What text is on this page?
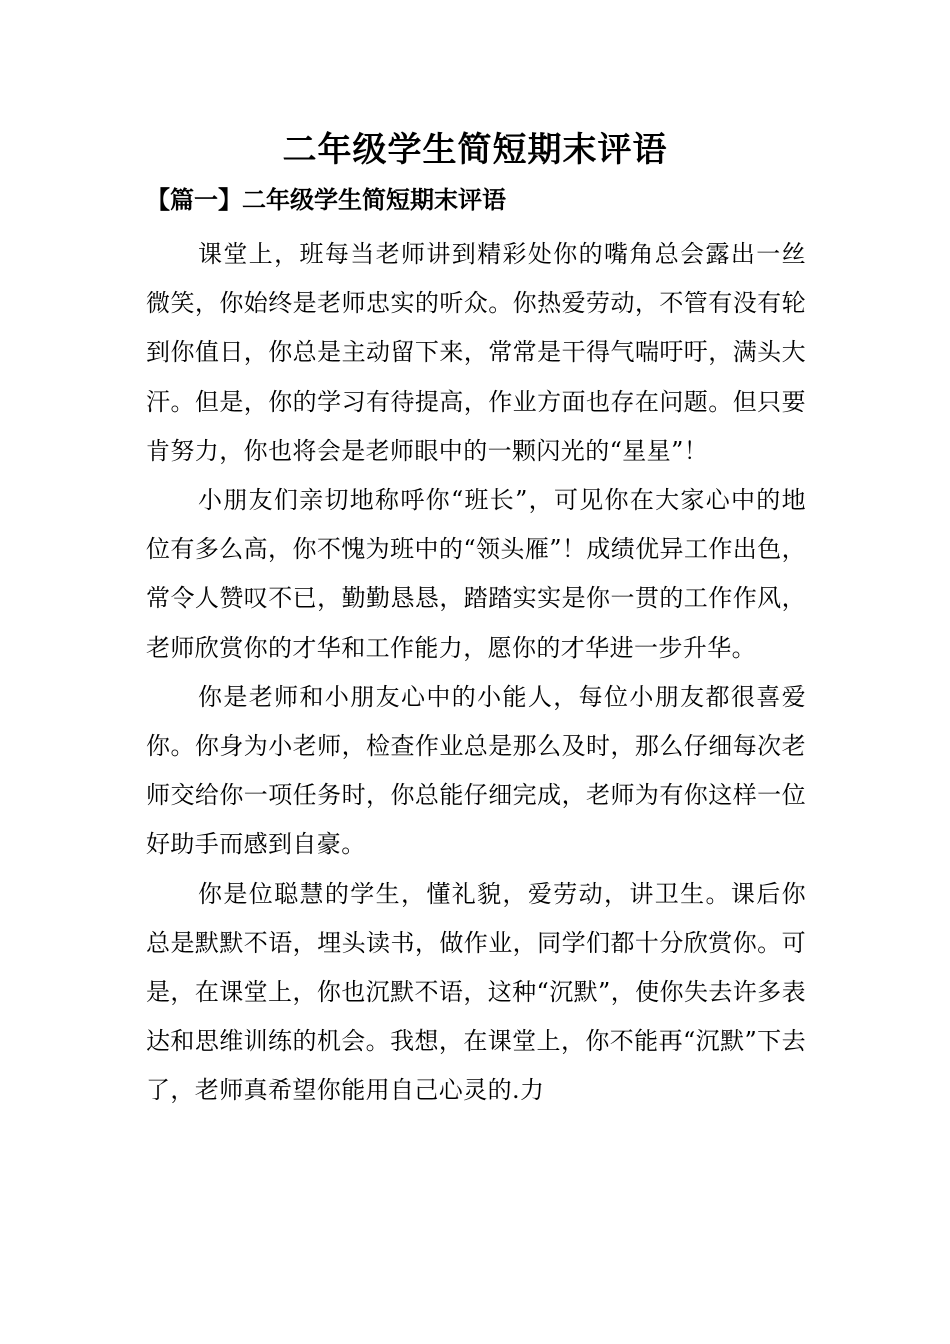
二年级学生简短期末评语
【篇一】二年级学生简短期末评语

课堂上，班每当老师讲到精彩处你的嘴角总会露出一丝微笑，你始终是老师忠实的听众。你热爱劳动，不管有没有轮到你值日，你总是主动留下来，常常是干得气喘吁吁，满头大汗。但是，你的学习有待提高，作业方面也存在问题。但只要肯努力，你也将会是老师眼中的一颗闪光的“星星”！

小朋友们亲切地称呼你“班长”，可见你在大家心中的地位有多么高，你不愧为班中的“领头雁”！成绩优异工作出色，常令人赞叹不已，勤勤恳恳，踏踏实实是你一贯的工作作风，老师欣赏你的才华和工作能力，愿你的才华进一步升华。

你是老师和小朋友心中的小能人，每位小朋友都很喜爱你。你身为小老师，检查作业总是那么及时，那么仔细每次老师交给你一项任务时，你总能仔细完成，老师为有你这样一位好助手而感到自豪。

你是位聪慧的学生，懂礼貌，爱劳动，讲卫生。课后你总是默默不语，埋头读书，做作业，同学们都十分欣赏你。可是，在课堂上，你也沉默不语，这种“沉默”，使你失去许多表达和思维训练的机会。我想，在课堂上，你不能再“沉默”下去了，老师真希望你能用自己心灵的.力
